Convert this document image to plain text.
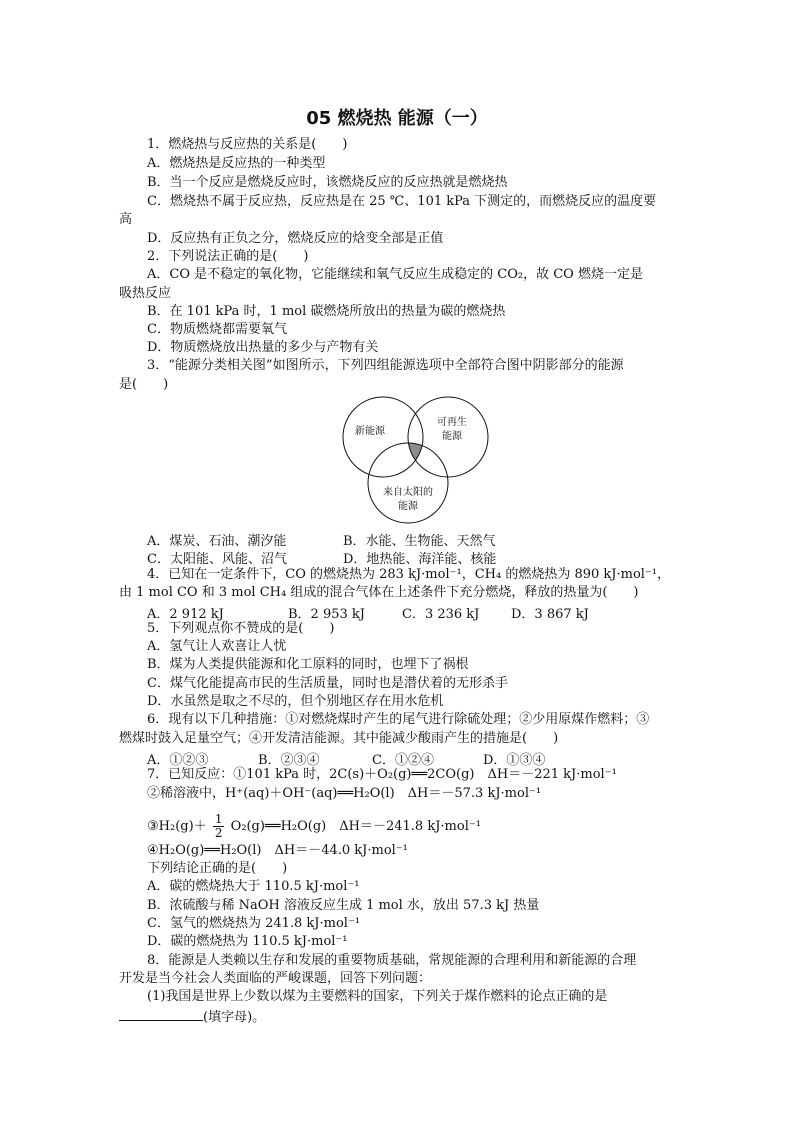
05 燃烧热 能源（一）
1．燃烧热与反应热的关系是(　　)
A．燃烧热是反应热的一种类型
B．当一个反应是燃烧反应时，该燃烧反应的反应热就是燃烧热
C．燃烧热不属于反应热，反应热是在 25 ℃、101 kPa 下测定的，而燃烧反应的温度要
高
D．反应热有正负之分，燃烧反应的焓变全部是正值
2．下列说法正确的是(　　)
A．CO 是不稳定的氧化物，它能继续和氧气反应生成稳定的 CO₂，故 CO 燃烧一定是
吸热反应
B．在 101 kPa 时，1 mol 碳燃烧所放出的热量为碳的燃烧热
C．物质燃烧都需要氧气
D．物质燃烧放出热量的多少与产物有关
3．“能源分类相关图”如图所示，下列四组能源选项中全部符合图中阴影部分的能源
是(　　)
新能源
可再生
能源
来自太阳的
能源
A．煤炭、石油、潮汐能	B．水能、生物能、天然气
C．太阳能、风能、沼气	D．地热能、海洋能、核能
4．已知在一定条件下，CO 的燃烧热为 283 kJ·mol⁻¹，CH₄ 的燃烧热为 890 kJ·mol⁻¹，
由 1 mol CO 和 3 mol CH₄ 组成的混合气体在上述条件下充分燃烧，释放的热量为(　　)
A．2 912 kJ	B．2 953 kJ	C．3 236 kJ D．3 867 kJ
5．下列观点你不赞成的是(　　)
A．氢气让人欢喜让人忧
B．煤为人类提供能源和化工原料的同时，也埋下了祸根
C．煤气化能提高市民的生活质量，同时也是潜伏着的无形杀手
D．水虽然是取之不尽的，但个别地区存在用水危机
6．现有以下几种措施：①对燃烧煤时产生的尾气进行除硫处理；②少用原煤作燃料；③
燃煤时鼓入足量空气；④开发清洁能源。其中能减少酸雨产生的措施是(　　)
A．①②③	B．②③④	C．①②④	D．①③④
7．已知反应：①101 kPa 时，2C(s)＋O₂(g)══2CO(g)　ΔH＝－221 kJ·mol⁻¹
②稀溶液中，H⁺(aq)＋OH⁻(aq)══H₂O(l)　ΔH＝－57.3 kJ·mol⁻¹
③H₂(g)＋ $\frac{1}{2}$ O₂(g)══H₂O(g)　ΔH＝－241.8 kJ·mol⁻¹
④H₂O(g)══H₂O(l)　ΔH＝－44.0 kJ·mol⁻¹
下列结论正确的是(　　)
A．碳的燃烧热大于 110.5 kJ·mol⁻¹
B．浓硫酸与稀 NaOH 溶液反应生成 1 mol 水，放出 57.3 kJ 热量
C．氢气的燃烧热为 241.8 kJ·mol⁻¹
D．碳的燃烧热为 110.5 kJ·mol⁻¹
8．能源是人类赖以生存和发展的重要物质基础，常规能源的合理利用和新能源的合理
开发是当今社会人类面临的严峻课题，回答下列问题：
(1)我国是世界上少数以煤为主要燃料的国家，下列关于煤作燃料的论点正确的是
(填字母)。
